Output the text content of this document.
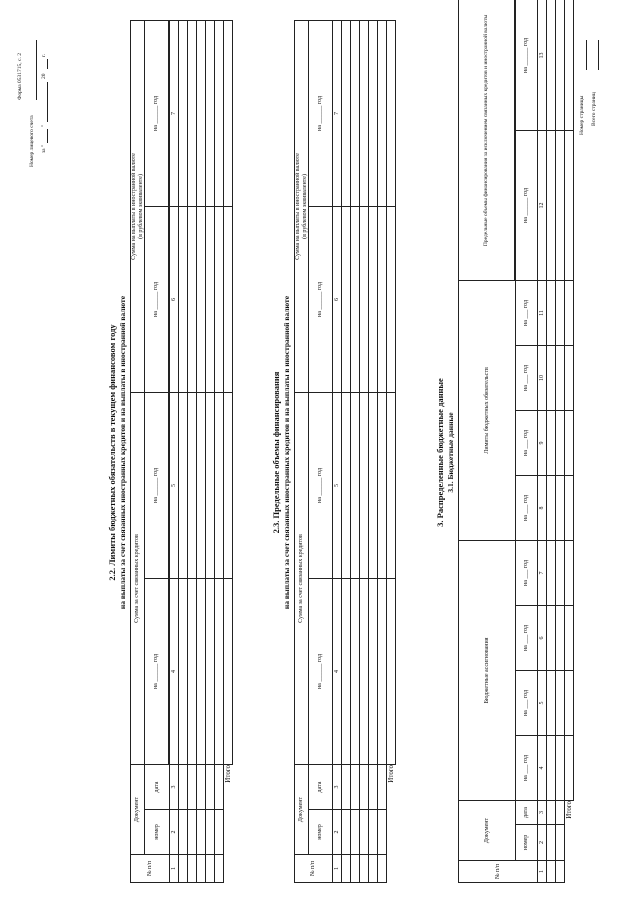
Форма 0531715, с. 2
Номер лицевого счета за "
"
20
г.
2.2. Лимиты бюджетных обязательств в текущем финансовом году на выплаты за счет связанных иностранных кредитов и на выплаты в иностранной валюте
№ п/п	Документ		Сумма за счет связанных кредитов		Сумма на выплаты в иностранной валюте
(в рублевом эквиваленте)	
	номер	дата	на ______ год	на ______ год	на ______ год	на ______ год

1	2	3	4	5	6	7

		Итого				
2.3. Предельные объемы финансирования на выплаты за счет связанных иностранных кредитов и на выплаты в иностранной валюте
№ п/п	Документ		Сумма за счет связанных кредитов		Сумма на выплаты в иностранной валюте
(в рублевом эквиваленте)	
	номер	дата	на ______ год	на ______ год	на ______ год	на ______ год
1	2	3	4	5	6	7

		Итого				
3. Распределенные бюджетные данные 3.1. Бюджетные данные
№ п/п	Документ		Бюджетные ассигнования				Лимиты бюджетных обязательств				Предельные объемы финансирования за исключением связанных кредитов и иностранной валюты	

	номер	дата	на ___ год	на ___ год	на ___ год	на ___ год	на ___ год	на ___ год	на ___ год	на ___ год	на ______ год	на ______ год
1	2	3	4	5	6	7	8	9	10	11	12	13

		Итого										
Номер страницы Всего страниц
